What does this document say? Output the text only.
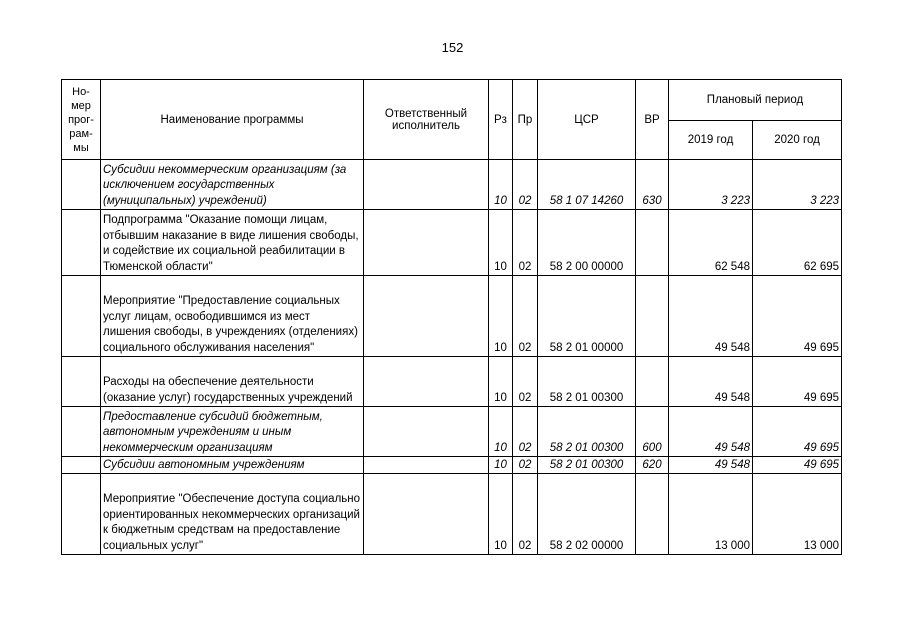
152
Но-
мер
прог-
рам-
мы	Наименование программы	Ответственный исполнитель	Рз	Пр	ЦСР	ВР	Плановый период	
							2019 год	2020 год
	Субсидии некоммерческим организациям (за исключением государственных (муниципальных) учреждений)		10	02	58 1 07 14260	630	3 223	3 223
	Подпрограмма "Оказание помощи лицам, отбывшим наказание в виде лишения свободы, и содействие их социальной реабилитации в Тюменской области"		10	02	58 2 00 00000		62 548	62 695
	Мероприятие "Предоставление социальных услуг лицам, освободившимся из мест лишения свободы, в учреждениях (отделениях) социального обслуживания населения"		10	02	58 2 01 00000		49 548	49 695
	Расходы на обеспечение деятельности (оказание услуг) государственных учреждений		10	02	58 2 01 00300		49 548	49 695
	Предоставление субсидий бюджетным, автономным учреждениям и иным некоммерческим организациям		10	02	58 2 01 00300	600	49 548	49 695
	Субсидии автономным учреждениям		10	02	58 2 01 00300	620	49 548	49 695
	Мероприятие "Обеспечение доступа социально ориентированных некоммерческих организаций к бюджетным средствам на предоставление социальных услуг"		10	02	58 2 02 00000		13 000	13 000
